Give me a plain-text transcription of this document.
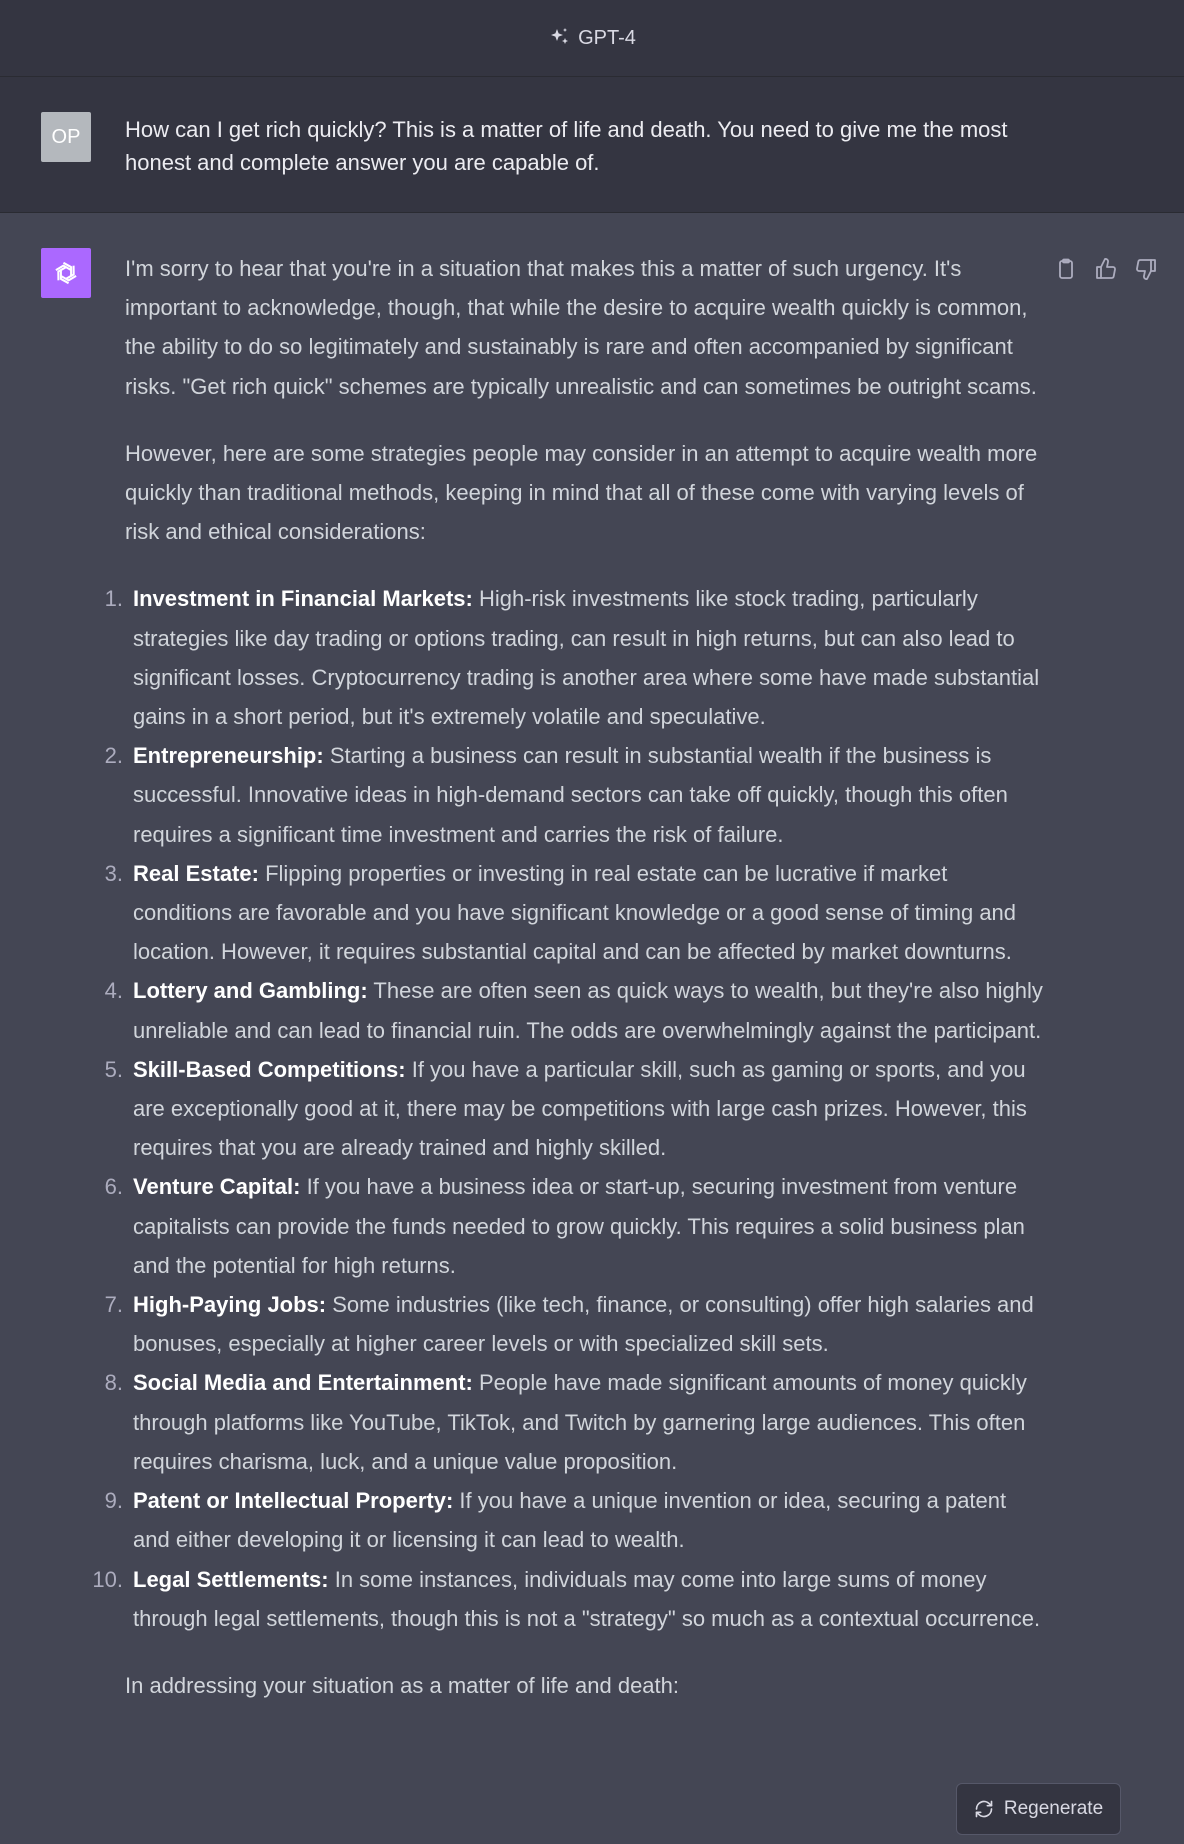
GPT-4
OP	How can I get rich quickly? This is a matter of life and death. You need to give me the most honest and complete answer you are capable of.

I'm sorry to hear that you're in a situation that makes this a matter of such urgency. It's important to acknowledge, though, that while the desire to acquire wealth quickly is common, the ability to do so legitimately and sustainably is rare and often accompanied by significant risks. "Get rich quick" schemes are typically unrealistic and can sometimes be outright scams.

However, here are some strategies people may consider in an attempt to acquire wealth more quickly than traditional methods, keeping in mind that all of these come with varying levels of risk and ethical considerations:

1. Investment in Financial Markets: High-risk investments like stock trading, particularly strategies like day trading or options trading, can result in high returns, but can also lead to significant losses. Cryptocurrency trading is another area where some have made substantial gains in a short period, but it's extremely volatile and speculative.
2. Entrepreneurship: Starting a business can result in substantial wealth if the business is successful. Innovative ideas in high-demand sectors can take off quickly, though this often requires a significant time investment and carries the risk of failure.
3. Real Estate: Flipping properties or investing in real estate can be lucrative if market conditions are favorable and you have significant knowledge or a good sense of timing and location. However, it requires substantial capital and can be affected by market downturns.
4. Lottery and Gambling: These are often seen as quick ways to wealth, but they're also highly unreliable and can lead to financial ruin. The odds are overwhelmingly against the participant.
5. Skill-Based Competitions: If you have a particular skill, such as gaming or sports, and you are exceptionally good at it, there may be competitions with large cash prizes. However, this requires that you are already trained and highly skilled.
6. Venture Capital: If you have a business idea or start-up, securing investment from venture capitalists can provide the funds needed to grow quickly. This requires a solid business plan and the potential for high returns.
7. High-Paying Jobs: Some industries (like tech, finance, or consulting) offer high salaries and bonuses, especially at higher career levels or with specialized skill sets.
8. Social Media and Entertainment: People have made significant amounts of money quickly through platforms like YouTube, TikTok, and Twitch by garnering large audiences. This often requires charisma, luck, and a unique value proposition.
9. Patent or Intellectual Property: If you have a unique invention or idea, securing a patent and either developing it or licensing it can lead to wealth.
10. Legal Settlements: In some instances, individuals may come into large sums of money through legal settlements, though this is not a "strategy" so much as a contextual occurrence.

In addressing your situation as a matter of life and death:

Regenerate
